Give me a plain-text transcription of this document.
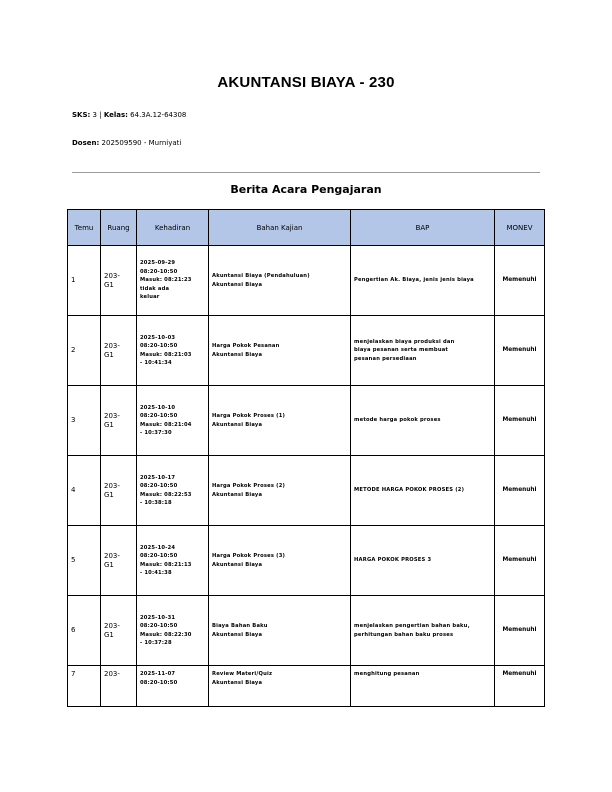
AKUNTANSI BIAYA - 230
SKS: 3 | Kelas: 64.3A.12-64308
Dosen: 202509590 - Murniyati
Berita Acara Pengajaran
Temu	Ruang	Kehadiran	Bahan Kajian	BAP	MONEV

1	203-
G1	2025-09-29
08:20-10:50
Masuk: 08:21:23
tidak ada
keluar	Akuntansi Biaya (Pendahuluan)
Akuntansi Biaya	Pengertian Ak. Biaya, jenis jenis biaya	Memenuhi

2	203-
G1	2025-10-03
08:20-10:50
Masuk: 08:21:03
- 10:41:34	Harga Pokok Pesanan
Akuntansi Biaya	menjelaskan biaya produksi dan
biaya pesanan serta membuat
pesanan persediaan	Memenuhi

3	203-
G1	2025-10-10
08:20-10:50
Masuk: 08:21:04
- 10:37:30	Harga Pokok Proses (1)
Akuntansi Biaya	metode harga pokok proses	Memenuhi

4	203-
G1	2025-10-17
08:20-10:50
Masuk: 08:22:53
- 10:38:18	Harga Pokok Proses (2)
Akuntansi Biaya	METODE HARGA POKOK PROSES (2)	Memenuhi

5	203-
G1	2025-10-24
08:20-10:50
Masuk: 08:21:13
- 10:41:38	Harga Pokok Proses (3)
Akuntansi Biaya	HARGA POKOK PROSES 3	Memenuhi

6	203-
G1	2025-10-31
08:20-10:50
Masuk: 08:22:30
- 10:37:28	Biaya Bahan Baku
Akuntansi Biaya	menjelaskan pengertian bahan baku,
perhitungan bahan baku proses	Memenuhi

7	203-	2025-11-07
08:20-10:50	Review Materi/Quiz
Akuntansi Biaya	menghitung pesanan	Memenuhi
